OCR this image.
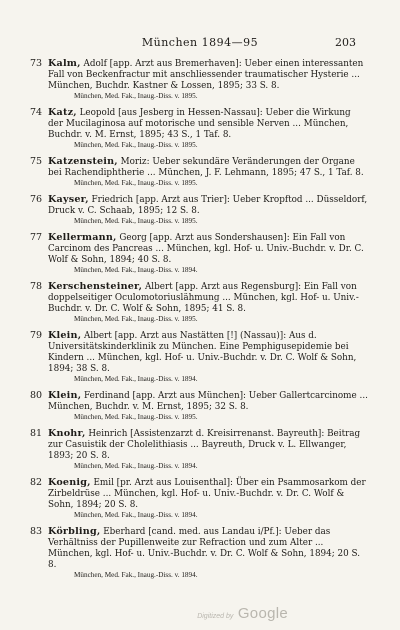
München 1894—95	203
73 Kalm, Adolf [app. Arzt aus Bremerhaven]: Ueber einen interessanten Fall von Beckenfractur mit anschliessender traumatischer Hysterie ... München, Buchdr. Kastner & Lossen, 1895; 33 S. 8.
München, Med. Fak., Inaug.-Diss. v. 1895.
74 Katz, Leopold [aus Jesberg in Hessen-Nassau]: Ueber die Wirkung der Mucilaginosa auf motorische und sensible Nerven ... München, Buchdr. v. M. Ernst, 1895; 43 S., 1 Taf. 8.
München, Med. Fak., Inaug.-Diss. v. 1895.
75 Katzenstein, Moriz: Ueber sekundäre Veränderungen der Organe bei Rachendiphtherie ... München, J. F. Lehmann, 1895; 47 S., 1 Taf. 8.
München, Med. Fak., Inaug.-Diss. v. 1895.
76 Kayser, Friedrich [app. Arzt aus Trier]: Ueber Kropftod ... Düsseldorf, Druck v. C. Schaab, 1895; 12 S. 8.
München, Med. Fak., Inaug.-Diss. v. 1895.
77 Kellermann, Georg [app. Arzt aus Sondershausen]: Ein Fall von Carcinom des Pancreas ... München, kgl. Hof- u. Univ.-Buchdr. v. Dr. C. Wolf & Sohn, 1894; 40 S. 8.
München, Med. Fak., Inaug.-Diss. v. 1894.
78 Kerschensteiner, Albert [app. Arzt aus Regensburg]: Ein Fall von doppelseitiger Oculomotoriuslähmung ... München, kgl. Hof- u. Univ.-Buchdr. v. Dr. C. Wolf & Sohn, 1895; 41 S. 8.
München, Med. Fak., Inaug.-Diss. v. 1895.
79 Klein, Albert [app. Arzt aus Nastätten [!] (Nassau)]: Aus d. Universitätskinderklinik zu München. Eine Pemphigusepidemie bei Kindern ... München, kgl. Hof- u. Univ.-Buchdr. v. Dr. C. Wolf & Sohn, 1894; 38 S. 8.
München, Med. Fak., Inaug.-Diss. v. 1894.
80 Klein, Ferdinand [app. Arzt aus München]: Ueber Gallertcarcinome ... München, Buchdr. v. M. Ernst, 1895; 32 S. 8.
München, Med. Fak., Inaug.-Diss. v. 1895.
81 Knohr, Heinrich [Assistenzarzt d. Kreisirrenanst. Bayreuth]: Beitrag zur Casuistik der Cholelithiasis ... Bayreuth, Druck v. L. Ellwanger, 1893; 20 S. 8.
München, Med. Fak., Inaug.-Diss. v. 1894.
82 Koenig, Emil [pr. Arzt aus Louisenthal]: Über ein Psammosarkom der Zirbeldrüse ... München, kgl. Hof- u. Univ.-Buchdr. v. Dr. C. Wolf & Sohn, 1894; 20 S. 8.
München, Med. Fak., Inaug.-Diss. v. 1894.
83 Körbling, Eberhard [cand. med. aus Landau i/Pf.]: Ueber das Verhältniss der Pupillenweite zur Refraction und zum Alter ... München, kgl. Hof- u. Univ.-Buchdr. v. Dr. C. Wolf & Sohn, 1894; 20 S. 8.
München, Med. Fak., Inaug.-Diss. v. 1894.
Digitized by Google
